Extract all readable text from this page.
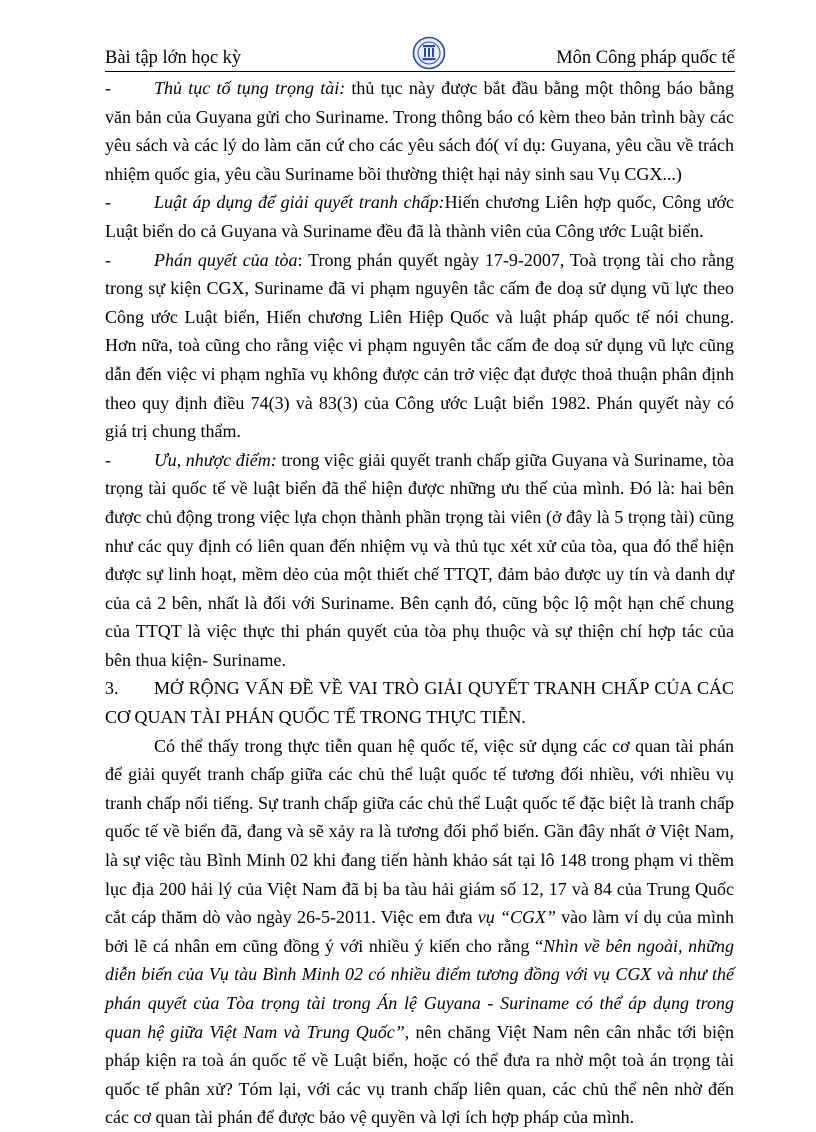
Bài tập lớn học kỳ	Môn Công pháp quốc tế

- Thủ tục tố tụng trọng tài: thủ tục này được bắt đầu bằng một thông báo bằng văn bản của Guyana gửi cho Suriname. Trong thông báo có kèm theo bản trình bày các yêu sách và các lý do làm căn cứ cho các yêu sách đó( ví dụ: Guyana, yêu cầu về trách nhiệm quốc gia, yêu cầu Suriname bồi thường thiệt hại nảy sinh sau Vụ CGX...)

- Luật áp dụng để giải quyết tranh chấp:Hiến chương Liên hợp quốc, Công ước Luật biển do cả Guyana và Suriname đều đã là thành viên của Công ước Luật biển.

- Phán quyết của tòa: Trong phán quyết ngày 17-9-2007, Toà trọng tài cho rằng trong sự kiện CGX, Suriname đã vi phạm nguyên tắc cấm đe doạ sử dụng vũ lực theo Công ước Luật biển, Hiến chương Liên Hiệp Quốc và luật pháp quốc tế nói chung. Hơn nữa, toà cũng cho rằng việc vi phạm nguyên tắc cấm đe doạ sử dụng vũ lực cũng dẫn đến việc vi phạm nghĩa vụ không được cản trở việc đạt được thoả thuận phân định theo quy định điều 74(3) và 83(3) của Công ước Luật biển 1982. Phán quyết này có giá trị chung thẩm.

- Ưu, nhược điểm: trong việc giải quyết tranh chấp giữa Guyana và Suriname, tòa trọng tài quốc tế về luật biển đã thể hiện được những ưu thế của mình. Đó là: hai bên được chủ động trong việc lựa chọn thành phần trọng tài viên (ở đây là 5 trọng tài) cũng như các quy định có liên quan đến nhiệm vụ và thủ tục xét xử của tòa, qua đó thể hiện được sự linh hoạt, mềm dẻo của một thiết chế TTQT, đảm bảo được uy tín và danh dự của cả 2 bên, nhất là đối với Suriname. Bên cạnh đó, cũng bộc lộ một hạn chế chung của TTQT là việc thực thi phán quyết của tòa phụ thuộc và sự thiện chí hợp tác của bên thua kiện- Suriname.

3. MỞ RỘNG VẤN ĐỀ VỀ VAI TRÒ GIẢI QUYẾT TRANH CHẤP CỦA CÁC CƠ QUAN TÀI PHÁN QUỐC TẾ TRONG THỰC TIỄN.

Có thể thấy trong thực tiễn quan hệ quốc tế, việc sử dụng các cơ quan tài phán để giải quyết tranh chấp giữa các chủ thể luật quốc tế tương đối nhiều, với nhiều vụ tranh chấp nổi tiếng. Sự tranh chấp giữa các chủ thể Luật quốc tế đặc biệt là tranh chấp quốc tế về biển đã, đang và sẽ xảy ra là tương đối phổ biến. Gần đây nhất ở Việt Nam, là sự việc tàu Bình Minh 02 khi đang tiến hành khảo sát tại lô 148 trong phạm vi thềm lục địa 200 hải lý của Việt Nam đã bị ba tàu hải giám số 12, 17 và 84 của Trung Quốc cắt cáp thăm dò vào ngày 26-5-2011. Việc em đưa vụ “CGX” vào làm ví dụ của mình bởi lẽ cá nhân em cũng đồng ý với nhiều ý kiến cho rằng “Nhìn về bên ngoài, những diễn biến của Vụ tàu Bình Minh 02 có nhiều điểm tương đồng với vụ CGX và như thế phán quyết của Tòa trọng tài trong Án lệ Guyana - Suriname có thể áp dụng trong quan hệ giữa Việt Nam và Trung Quốc”, nên chăng Việt Nam nên cân nhắc tới biện pháp kiện ra toà án quốc tế về Luật biển, hoặc có thể đưa ra nhờ một toà án trọng tài quốc tế phân xử? Tóm lại, với các vụ tranh chấp liên quan, các chủ thể nên nhờ đến các cơ quan tài phán để được bảo vệ quyền và lợi ích hợp pháp của mình.
